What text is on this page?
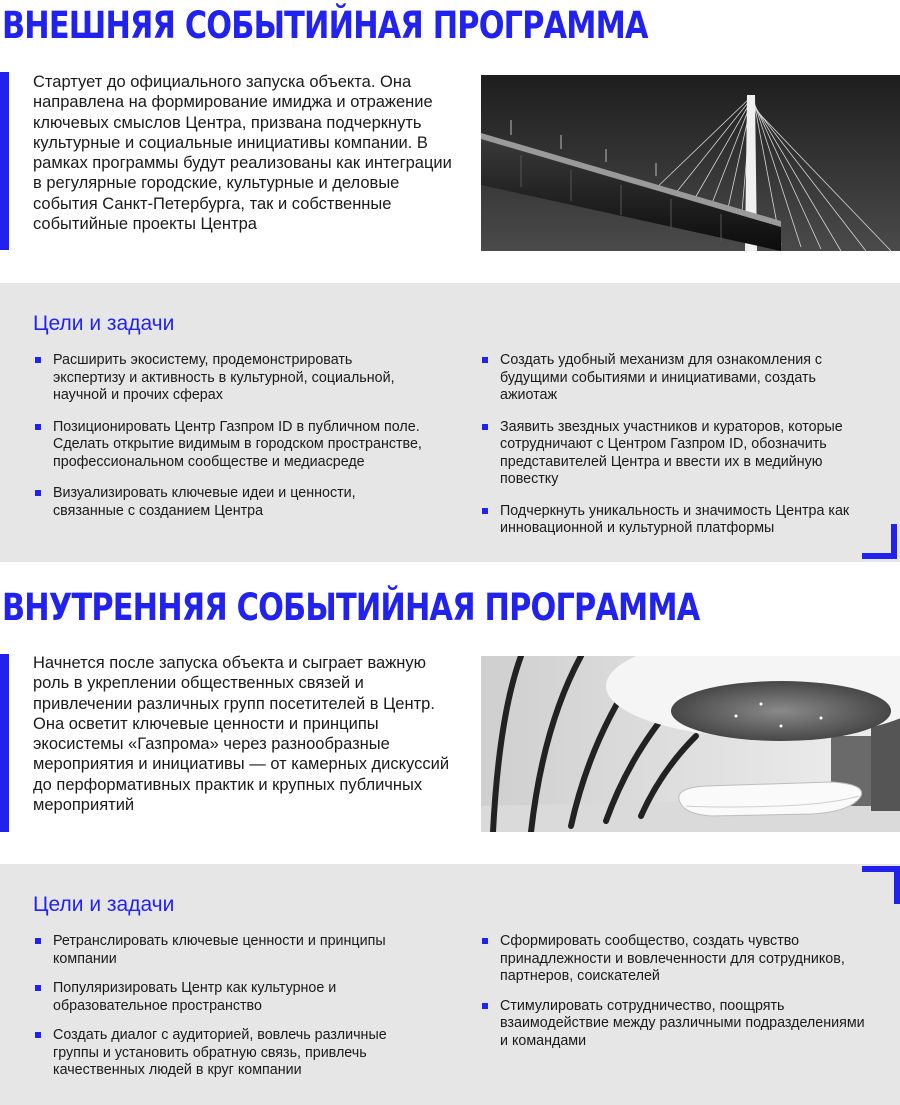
ВНЕШНЯЯ СОБЫТИЙНАЯ ПРОГРАММА

Стартует до официального запуска объекта. Она направлена на формирование имиджа и отражение ключевых смыслов Центра, призвана подчеркнуть культурные и социальные инициативы компании. В рамках программы будут реализованы как интеграции в регулярные городские, культурные и деловые события Санкт-Петербурга, так и собственные событийные проекты Центра

Цели и задачи
Расширить экосистему, продемонстрировать экспертизу и активность в культурной, социальной, научной и прочих сферах
Позиционировать Центр Газпром ID в публичном поле. Сделать открытие видимым в городском пространстве, профессиональном сообществе и медиасреде
Визуализировать ключевые идеи и ценности, связанные с созданием Центра
Создать удобный механизм для ознакомления с будущими событиями и инициативами, создать ажиотаж
Заявить звездных участников и кураторов, которые сотрудничают с Центром Газпром ID, обозначить представителей Центра и ввести их в медийную повестку
Подчеркнуть уникальность и значимость Центра как инновационной и культурной платформы
ВНУТРЕННЯЯ СОБЫТИЙНАЯ ПРОГРАММА

Начнется после запуска объекта и сыграет важную роль в укреплении общественных связей и привлечении различных групп посетителей в Центр. Она осветит ключевые ценности и принципы экосистемы «Газпрома» через разнообразные мероприятия и инициативы — от камерных дискуссий до перформативных практик и крупных публичных мероприятий

Цели и задачи
Ретранслировать ключевые ценности и принципы компании
Популяризировать Центр как культурное и образовательное пространство
Создать диалог с аудиторией, вовлечь различные группы и установить обратную связь, привлечь качественных людей в круг компании
Сформировать сообщество, создать чувство принадлежности и вовлеченности для сотрудников, партнеров, соискателей
Стимулировать сотрудничество, поощрять взаимодействие между различными подразделениями и командами
